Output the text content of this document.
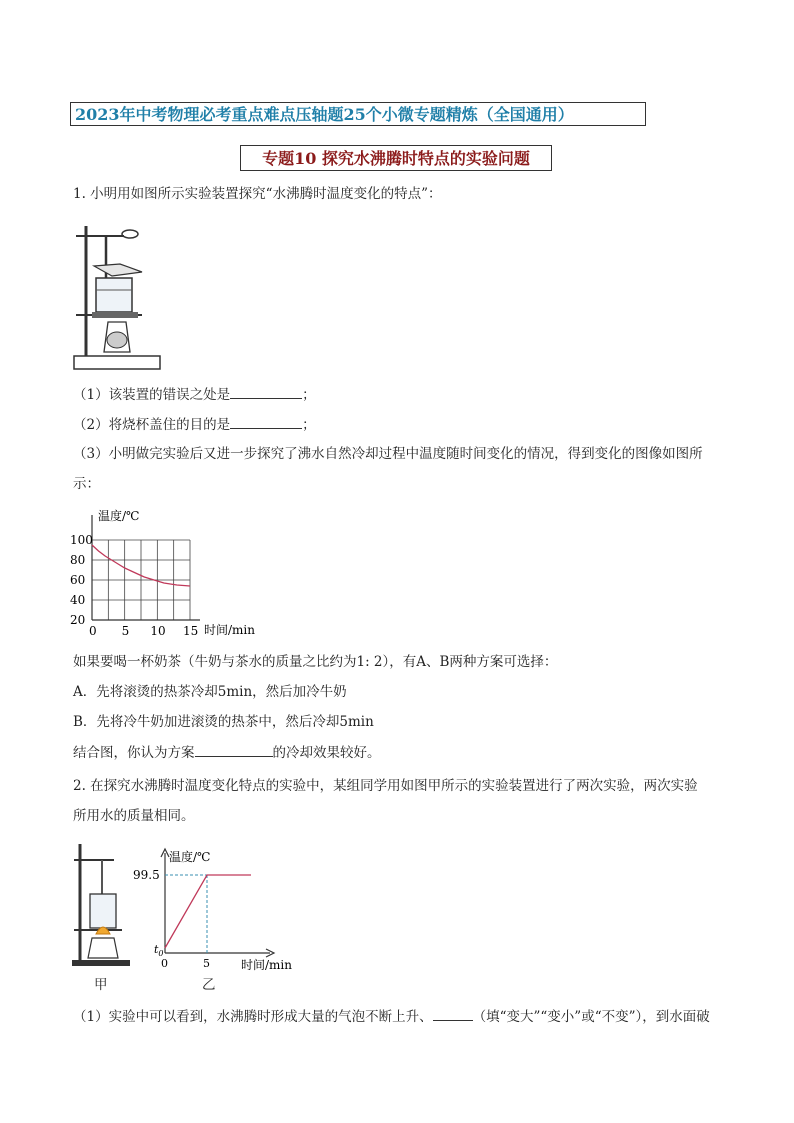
2023年中考物理必考重点难点压轴题25个小微专题精炼（全国通用）
专题10 探究水沸腾时特点的实验问题
1. 小明用如图所示实验装置探究“水沸腾时温度变化的特点”：
（1）该装置的错误之处是	；
（2）将烧杯盖住的目的是	；
（3）小明做完实验后又进一步探究了沸水自然冷却过程中温度随时间变化的情况，得到变化的图像如图所
示：
20
40
60
80
100
0 5 10 15
温度/℃
时间/min
如果要喝一杯奶茶（牛奶与茶水的质量之比约为1: 2），有A、B两种方案可选择：
A．先将滚烫的热茶冷却5min，然后加冷牛奶
B．先将冷牛奶加进滚烫的热茶中，然后冷却5min
结合图，你认为方案	的冷却效果较好。
2. 在探究水沸腾时温度变化特点的实验中，某组同学用如图甲所示的实验装置进行了两次实验，两次实验
所用水的质量相同。
甲
99.5
$t_0$
0	5
温度/℃
时间/min
乙
（1）实验中可以看到，水沸腾时形成大量的气泡不断上升、	（填“变大”“变小”或“不变”），到水面破
